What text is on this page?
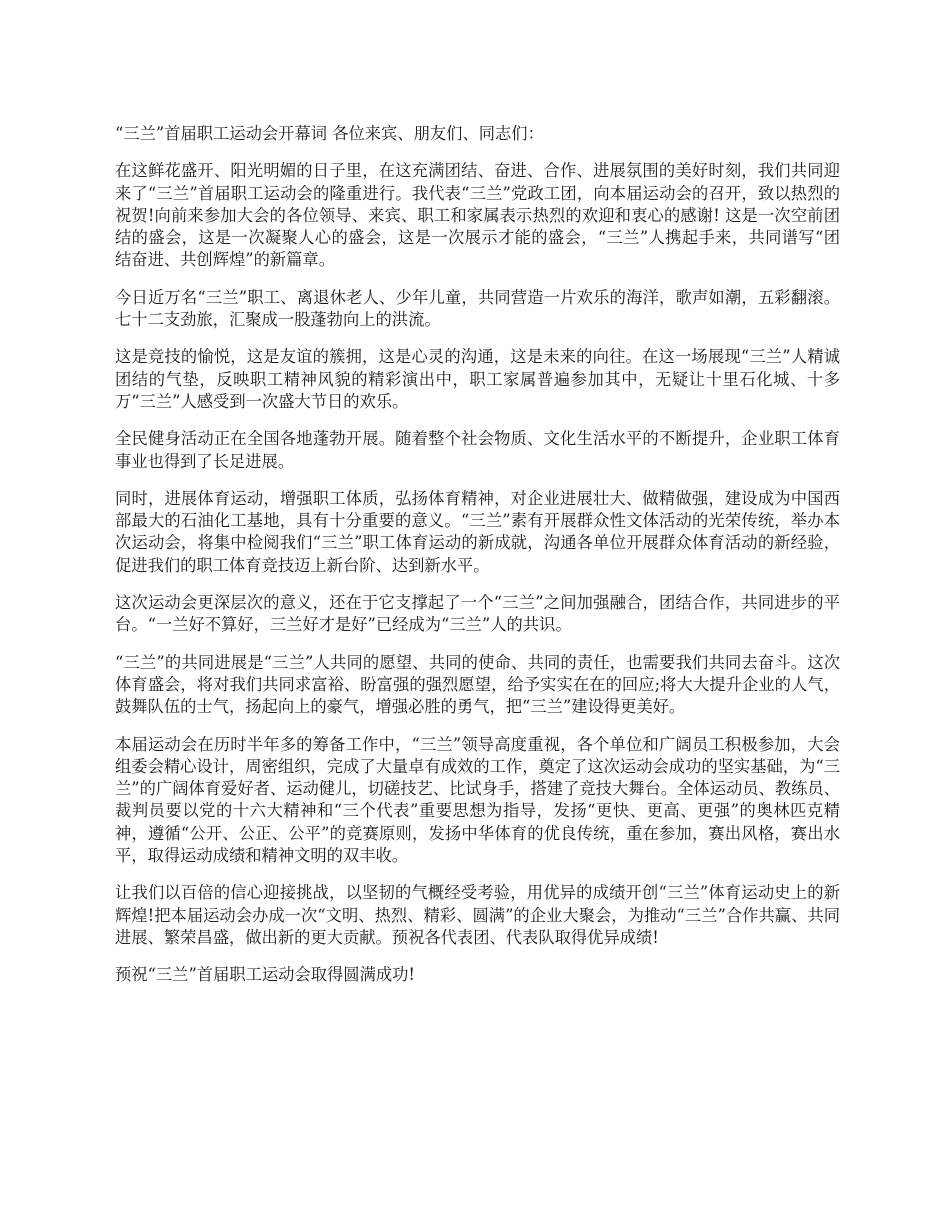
“三兰”首届职工运动会开幕词 各位来宾、朋友们、同志们：

在这鲜花盛开、阳光明媚的日子里，在这充满团结、奋进、合作、进展氛围的美好时刻，我们共同迎来了“三兰”首届职工运动会的隆重进行。我代表“三兰”党政工团，向本届运动会的召开，致以热烈的祝贺!向前来参加大会的各位领导、来宾、职工和家属表示热烈的欢迎和衷心的感谢! 这是一次空前团结的盛会，这是一次凝聚人心的盛会，这是一次展示才能的盛会，“三兰”人携起手来，共同谱写“团结奋进、共创辉煌”的新篇章。

今日近万名“三兰”职工、离退休老人、少年儿童，共同营造一片欢乐的海洋，歌声如潮，五彩翻滚。七十二支劲旅，汇聚成一股蓬勃向上的洪流。

这是竞技的愉悦，这是友谊的簇拥，这是心灵的沟通，这是未来的向往。在这一场展现“三兰”人精诚团结的气垫，反映职工精神风貌的精彩演出中，职工家属普遍参加其中，无疑让十里石化城、十多万“三兰”人感受到一次盛大节日的欢乐。

全民健身活动正在全国各地蓬勃开展。随着整个社会物质、文化生活水平的不断提升，企业职工体育事业也得到了长足进展。

同时，进展体育运动，增强职工体质，弘扬体育精神，对企业进展壮大、做精做强，建设成为中国西部最大的石油化工基地，具有十分重要的意义。“三兰”素有开展群众性文体活动的光荣传统，举办本次运动会，将集中检阅我们“三兰”职工体育运动的新成就，沟通各单位开展群众体育活动的新经验，促进我们的职工体育竞技迈上新台阶、达到新水平。

这次运动会更深层次的意义，还在于它支撑起了一个“三兰”之间加强融合，团结合作，共同进步的平台。“一兰好不算好，三兰好才是好”已经成为“三兰”人的共识。

“三兰”的共同进展是“三兰”人共同的愿望、共同的使命、共同的责任，也需要我们共同去奋斗。这次体育盛会，将对我们共同求富裕、盼富强的强烈愿望，给予实实在在的回应;将大大提升企业的人气，鼓舞队伍的士气，扬起向上的豪气，增强必胜的勇气，把“三兰”建设得更美好。

本届运动会在历时半年多的筹备工作中，“三兰”领导高度重视，各个单位和广阔员工积极参加，大会组委会精心设计，周密组织，完成了大量卓有成效的工作，奠定了这次运动会成功的坚实基础，为“三兰”的广阔体育爱好者、运动健儿，切磋技艺、比试身手，搭建了竞技大舞台。全体运动员、教练员、裁判员要以党的十六大精神和“三个代表”重要思想为指导，发扬“更快、更高、更强”的奥林匹克精神，遵循“公开、公正、公平”的竞赛原则，发扬中华体育的优良传统，重在参加，赛出风格，赛出水平，取得运动成绩和精神文明的双丰收。

让我们以百倍的信心迎接挑战，以坚韧的气概经受考验，用优异的成绩开创“三兰”体育运动史上的新辉煌!把本届运动会办成一次“文明、热烈、精彩、圆满”的企业大聚会，为推动“三兰”合作共赢、共同进展、繁荣昌盛，做出新的更大贡献。预祝各代表团、代表队取得优异成绩!

预祝“三兰”首届职工运动会取得圆满成功!
